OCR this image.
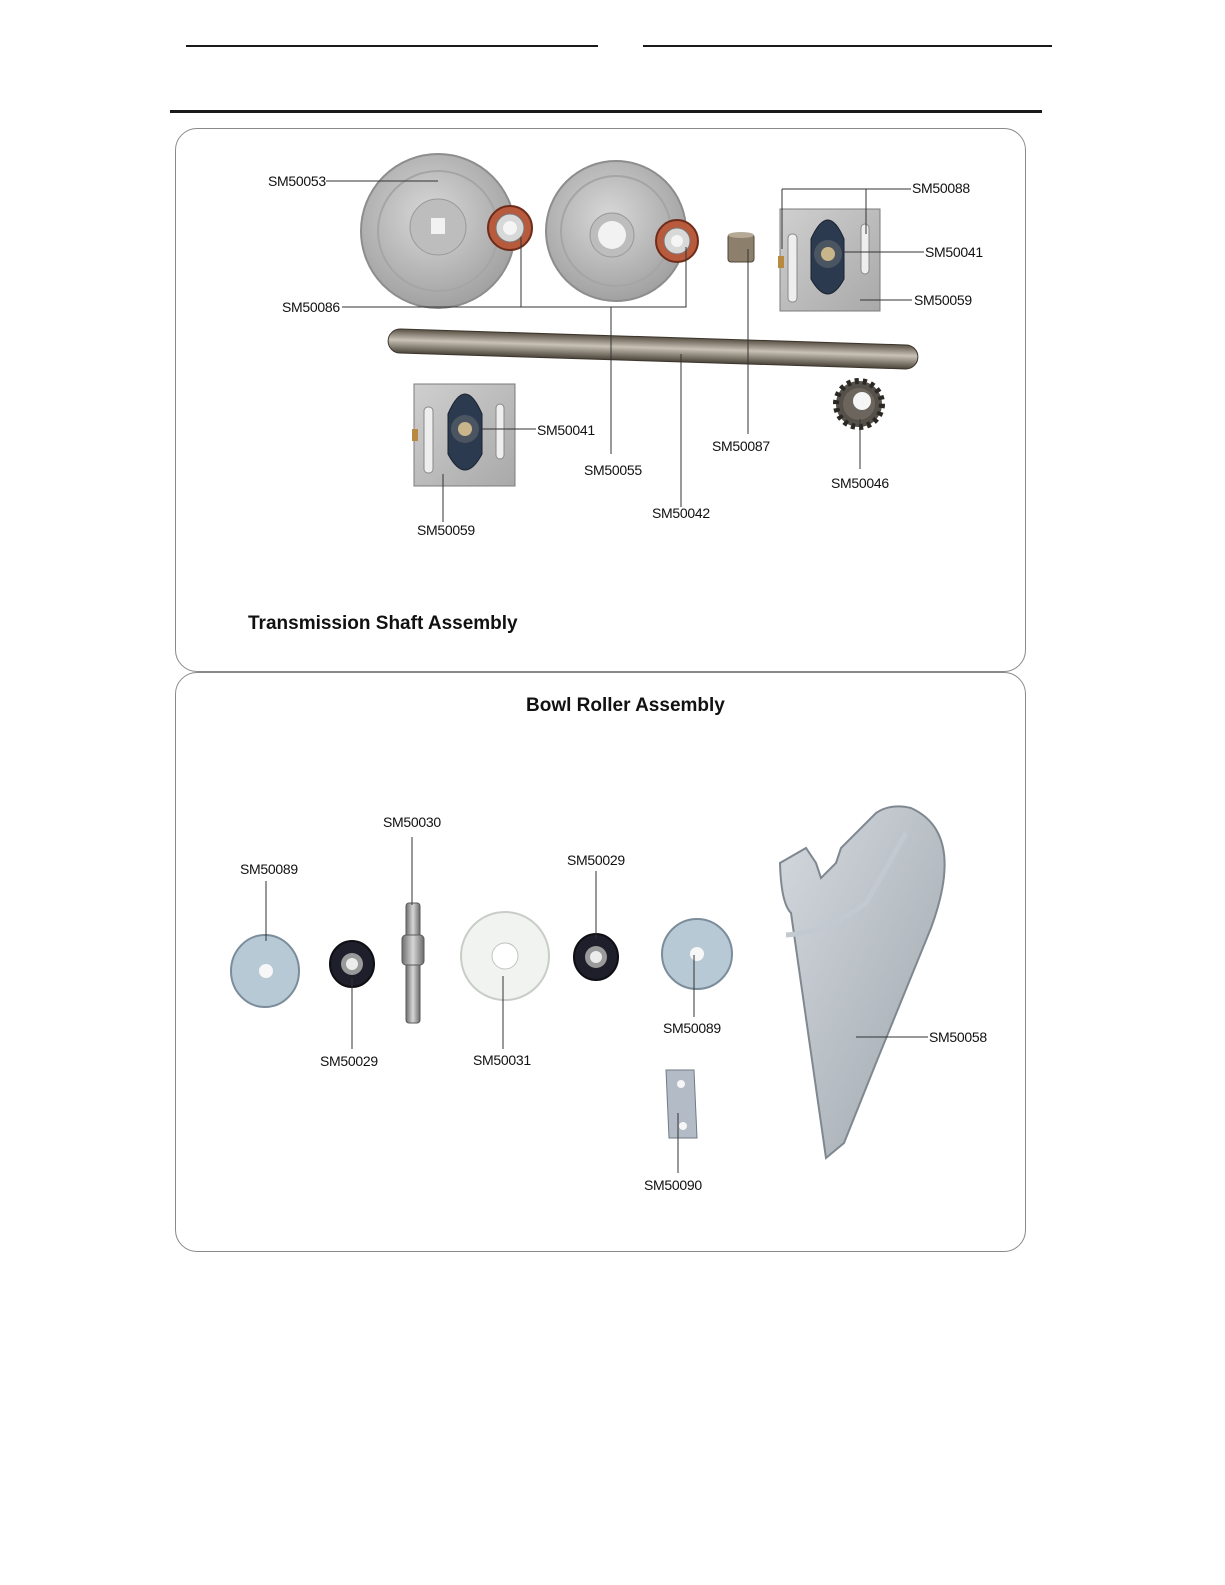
SM50053
SM50086
SM50088
SM50041
SM50059
SM50041
SM50087
SM50055
SM50046
SM50042
SM50059
Transmission Shaft Assembly
Bowl Roller Assembly
SM50089
SM50030
SM50029
SM50089
SM50058
SM50029	SM50031
SM50090
